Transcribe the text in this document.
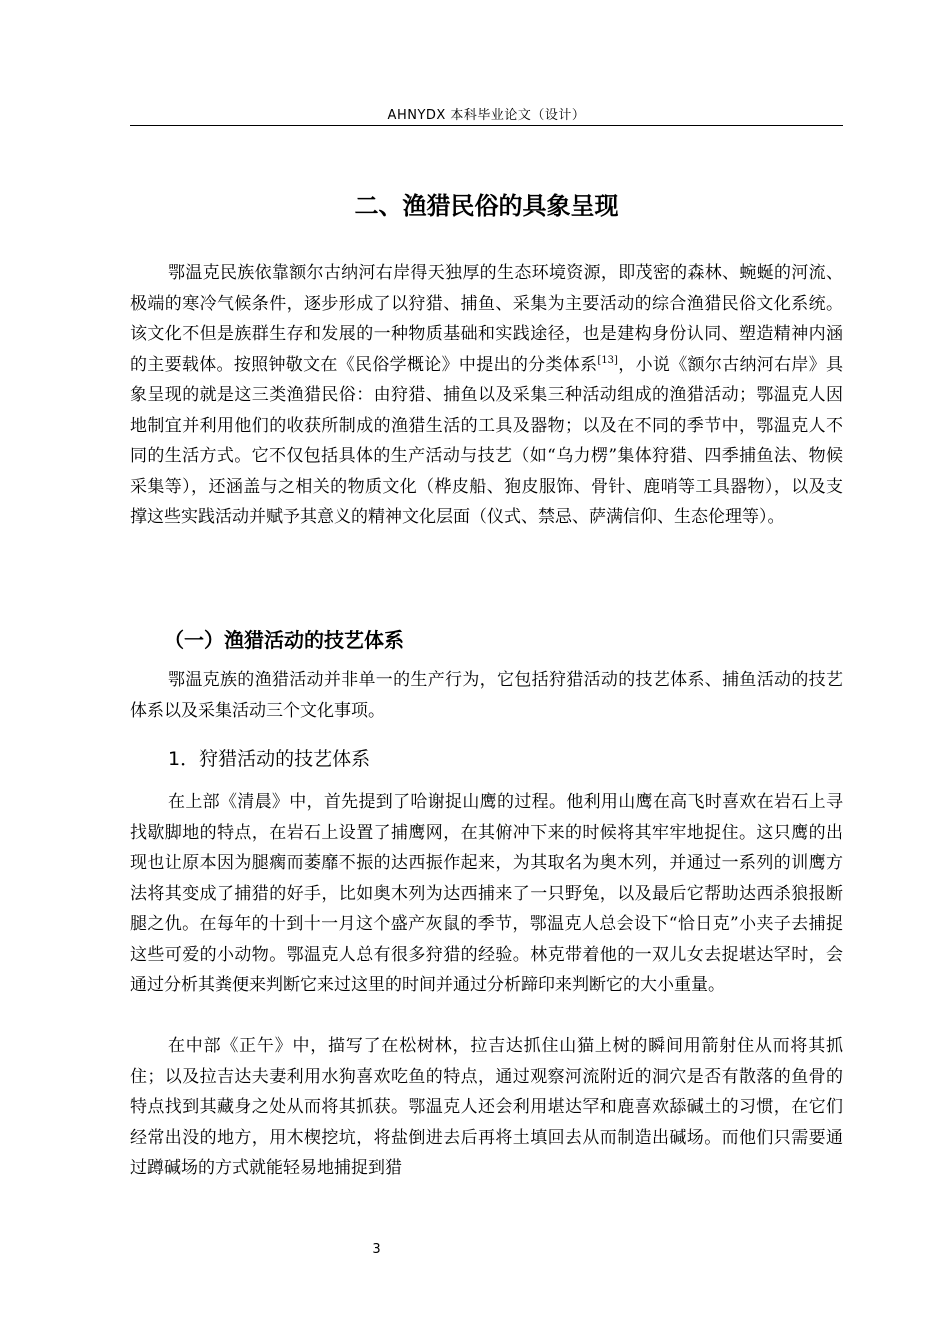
AHNYDX 本科毕业论文（设计）
二、渔猎民俗的具象呈现

鄂温克民族依靠额尔古纳河右岸得天独厚的生态环境资源，即茂密的森林、蜿蜒的河流、极端的寒冷气候条件，逐步形成了以狩猎、捕鱼、采集为主要活动的综合渔猎民俗文化系统。该文化不但是族群生存和发展的一种物质基础和实践途径，也是建构身份认同、塑造精神内涵的主要载体。按照钟敬文在《民俗学概论》中提出的分类体系[13]，小说《额尔古纳河右岸》具象呈现的就是这三类渔猎民俗：由狩猎、捕鱼以及采集三种活动组成的渔猎活动；鄂温克人因地制宜并利用他们的收获所制成的渔猎生活的工具及器物；以及在不同的季节中，鄂温克人不同的生活方式。它不仅包括具体的生产活动与技艺（如“乌力楞”集体狩猎、四季捕鱼法、物候采集等），还涵盖与之相关的物质文化（桦皮船、狍皮服饰、骨针、鹿哨等工具器物），以及支撑这些实践活动并赋予其意义的精神文化层面（仪式、禁忌、萨满信仰、生态伦理等）。

（一）渔猎活动的技艺体系

鄂温克族的渔猎活动并非单一的生产行为，它包括狩猎活动的技艺体系、捕鱼活动的技艺体系以及采集活动三个文化事项。

1．狩猎活动的技艺体系

在上部《清晨》中，首先提到了哈谢捉山鹰的过程。他利用山鹰在高飞时喜欢在岩石上寻找歇脚地的特点，在岩石上设置了捕鹰网，在其俯冲下来的时候将其牢牢地捉住。这只鹰的出现也让原本因为腿瘸而萎靡不振的达西振作起来，为其取名为奥木列，并通过一系列的训鹰方法将其变成了捕猎的好手，比如奥木列为达西捕来了一只野兔，以及最后它帮助达西杀狼报断腿之仇。在每年的十到十一月这个盛产灰鼠的季节，鄂温克人总会设下“恰日克”小夹子去捕捉这些可爱的小动物。鄂温克人总有很多狩猎的经验。林克带着他的一双儿女去捉堪达罕时，会通过分析其粪便来判断它来过这里的时间并通过分析蹄印来判断它的大小重量。

在中部《正午》中，描写了在松树林，拉吉达抓住山猫上树的瞬间用箭射住从而将其抓住；以及拉吉达夫妻利用水狗喜欢吃鱼的特点，通过观察河流附近的洞穴是否有散落的鱼骨的特点找到其藏身之处从而将其抓获。鄂温克人还会利用堪达罕和鹿喜欢舔碱土的习惯，在它们经常出没的地方，用木楔挖坑，将盐倒进去后再将土填回去从而制造出碱场。而他们只需要通过蹲碱场的方式就能轻易地捕捉到猎

3
